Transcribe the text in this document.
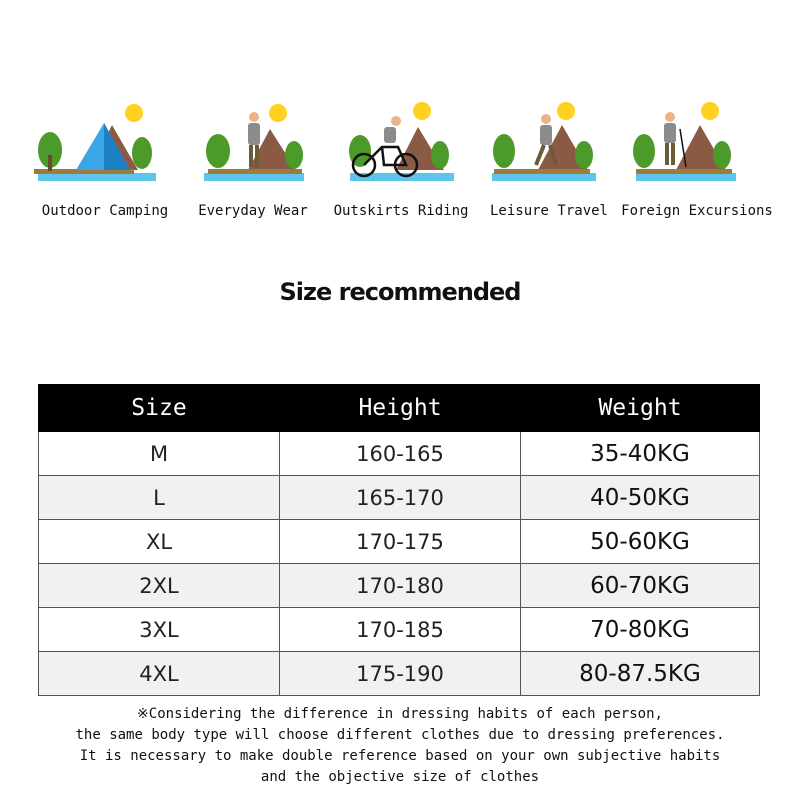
Outdoor Camping	Everyday Wear	Outskirts Riding	Leisure Travel Foreign Excursions
Size recommended
Size	Height	Weight
M	160-165	35-40KG
L	165-170	40-50KG
XL	170-175	50-60KG
2XL	170-180	60-70KG
3XL	170-185	70-80KG
4XL	175-190	80-87.5KG
※Considering the difference in dressing habits of each person,
the same body type will choose different clothes due to dressing preferences.
It is necessary to make double reference based on your own subjective habits
and the objective size of clothes
